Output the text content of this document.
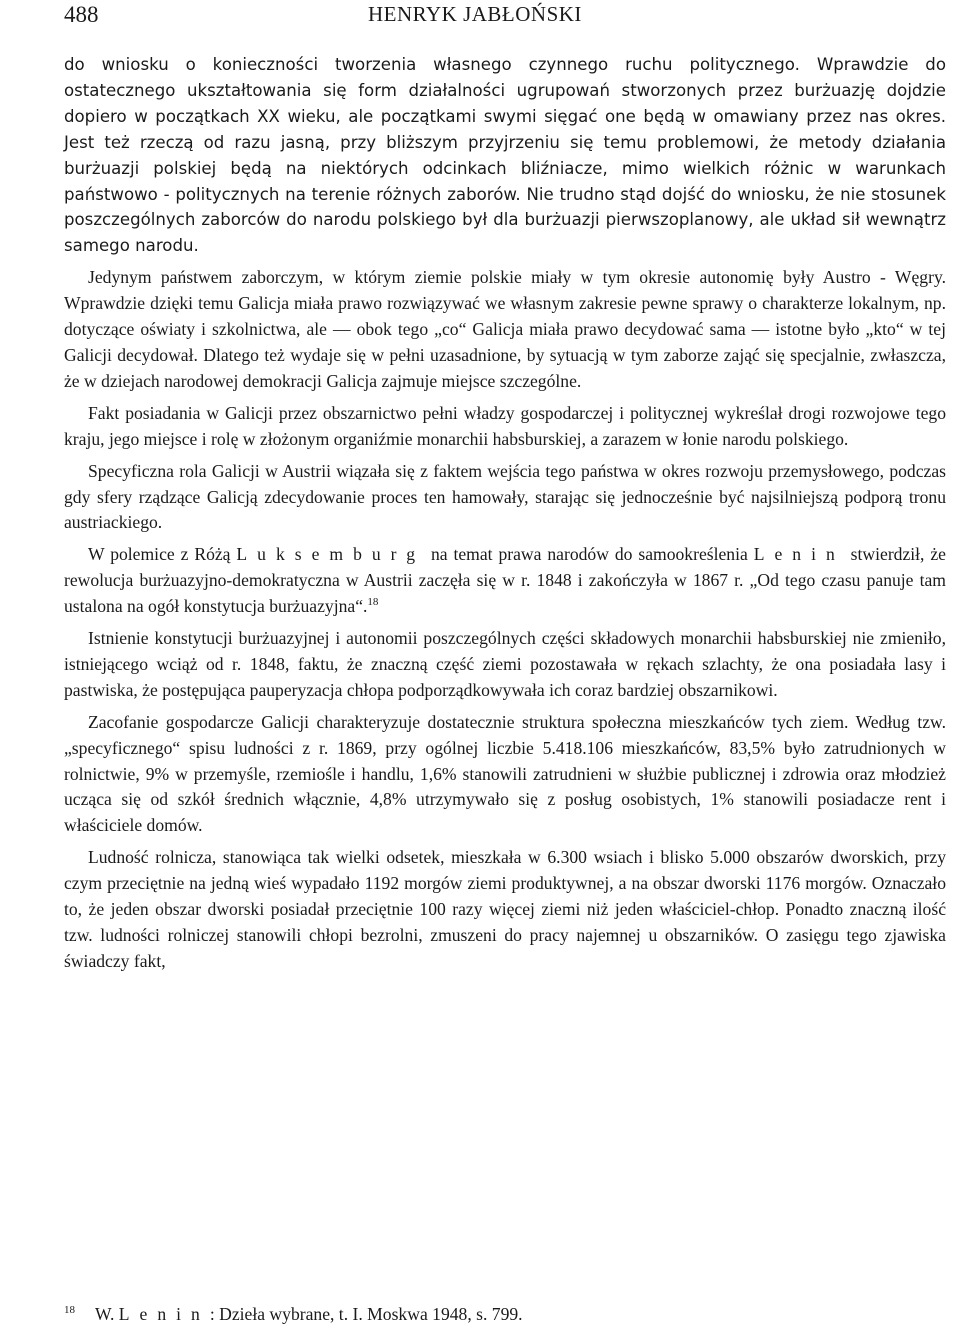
488	HENRYK JABŁOŃSKI

do wniosku o konieczności tworzenia własnego czynnego ruchu politycznego. Wprawdzie do ostatecznego ukształtowania się form działalności ugrupowań stworzonych przez burżuazję dojdzie dopiero w początkach XX wieku, ale początkami swymi sięgać one będą w omawiany przez nas okres. Jest też rzeczą od razu jasną, przy bliższym przyjrzeniu się temu problemowi, że metody działania burżuazji polskiej będą na niektórych odcinkach bliźniacze, mimo wielkich różnic w warunkach państwowo - politycznych na terenie różnych zaborów. Nie trudno stąd dojść do wniosku, że nie stosunek poszczególnych zaborców do narodu polskiego był dla burżuazji pierwszoplanowy, ale układ sił wewnątrz samego narodu.

Jedynym państwem zaborczym, w którym ziemie polskie miały w tym okresie autonomię były Austro - Węgry. Wprawdzie dzięki temu Galicja miała prawo rozwiązywać we własnym zakresie pewne sprawy o charakterze lokalnym, np. dotyczące oświaty i szkolnictwa, ale — obok tego „co“ Galicja miała prawo decydować sama — istotne było „kto“ w tej Galicji decydował. Dlatego też wydaje się w pełni uzasadnione, by sytuacją w tym zaborze zająć się specjalnie, zwłaszcza, że w dziejach narodowej demokracji Galicja zajmuje miejsce szczególne.

Fakt posiadania w Galicji przez obszarnictwo pełni władzy gospodarczej i politycznej wykreślał drogi rozwojowe tego kraju, jego miejsce i rolę w złożonym organiźmie monarchii habsburskiej, a zarazem w łonie narodu polskiego.

Specyficzna rola Galicji w Austrii wiązała się z faktem wejścia tego państwa w okres rozwoju przemysłowego, podczas gdy sfery rządzące Galicją zdecydowanie proces ten hamowały, starając się jednocześnie być najsilniejszą podporą tronu austriackiego.

W polemice z Różą Luksemburg na temat prawa narodów do samookreślenia Lenin stwierdził, że rewolucja burżuazyjno-demokratyczna w Austrii zaczęła się w r. 1848 i zakończyła w 1867 r. „Od tego czasu panuje tam ustalona na ogół konstytucja burżuazyjna“.$^{18}$

Istnienie konstytucji burżuazyjnej i autonomii poszczególnych części składowych monarchii habsburskiej nie zmieniło, istniejącego wciąż od r. 1848, faktu, że znaczną część ziemi pozostawała w rękach szlachty, że ona posiadała lasy i pastwiska, że postępująca pauperyzacja chłopa podporządkowywała ich coraz bardziej obszarnikowi.

Zacofanie gospodarcze Galicji charakteryzuje dostatecznie struktura społeczna mieszkańców tych ziem. Według tzw. „specyficznego“ spisu ludności z r. 1869, przy ogólnej liczbie 5.418.106 mieszkańców, 83,5% było zatrudnionych w rolnictwie, 9% w przemyśle, rzemiośle i handlu, 1,6% stanowili zatrudnieni w służbie publicznej i zdrowia oraz młodzież ucząca się od szkół średnich włącznie, 4,8% utrzymywało się z posług osobistych, 1% stanowili posiadacze rent i właściciele domów.

Ludność rolnicza, stanowiąca tak wielki odsetek, mieszkała w 6.300 wsiach i blisko 5.000 obszarów dworskich, przy czym przeciętnie na jedną wieś wypadało 1192 morgów ziemi produktywnej, a na obszar dworski 1176 morgów. Oznaczało to, że jeden obszar dworski posiadał przeciętnie 100 razy więcej ziemi niż jeden właściciel-chłop. Ponadto znaczną ilość tzw. ludności rolniczej stanowili chłopi bezrolni, zmuszeni do pracy najemnej u obszarników. O zasięgu tego zjawiska świadczy fakt,

$^{18}$ W. Lenin: Dzieła wybrane, t. I. Moskwa 1948, s. 799.
